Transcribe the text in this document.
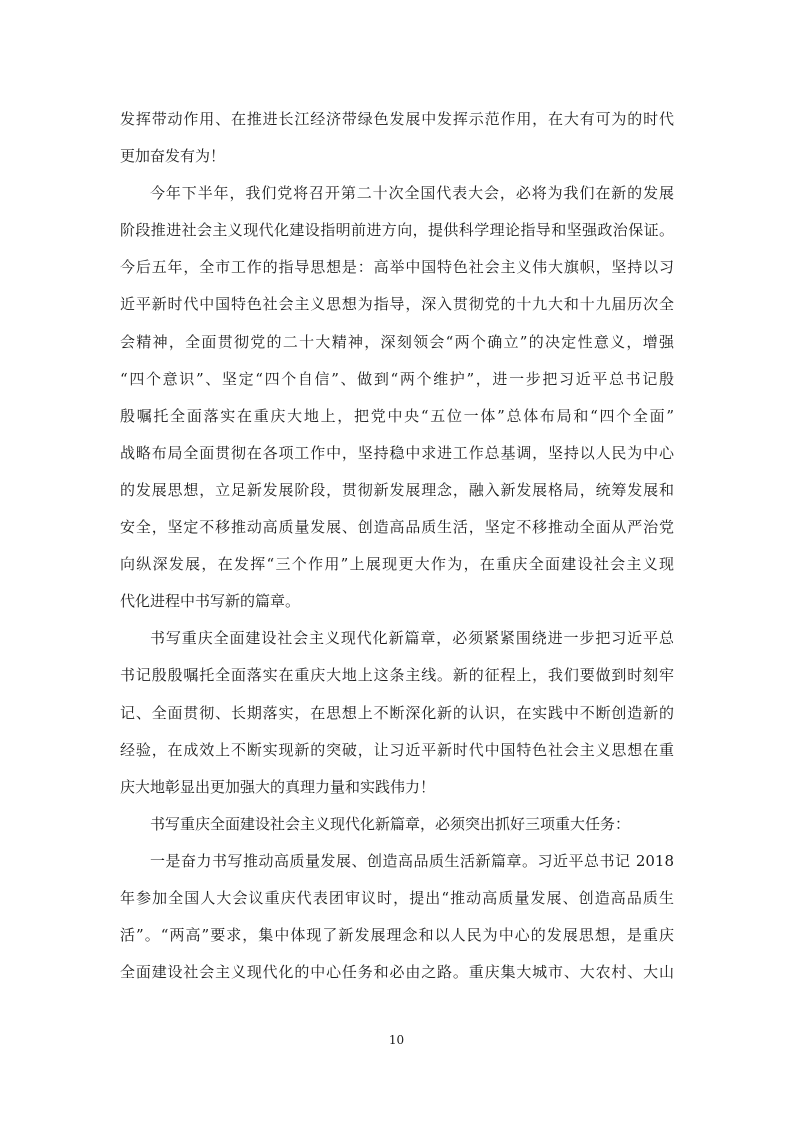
发挥带动作用、在推进长江经济带绿色发展中发挥示范作用，在大有可为的时代
更加奋发有为！
今年下半年，我们党将召开第二十次全国代表大会，必将为我们在新的发展
阶段推进社会主义现代化建设指明前进方向，提供科学理论指导和坚强政治保证。
今后五年，全市工作的指导思想是：高举中国特色社会主义伟大旗帜，坚持以习
近平新时代中国特色社会主义思想为指导，深入贯彻党的十九大和十九届历次全
会精神，全面贯彻党的二十大精神，深刻领会“两个确立”的决定性意义，增强
“四个意识”、坚定“四个自信”、做到“两个维护”，进一步把习近平总书记殷
殷嘱托全面落实在重庆大地上，把党中央“五位一体”总体布局和“四个全面”
战略布局全面贯彻在各项工作中，坚持稳中求进工作总基调，坚持以人民为中心
的发展思想，立足新发展阶段，贯彻新发展理念，融入新发展格局，统筹发展和
安全，坚定不移推动高质量发展、创造高品质生活，坚定不移推动全面从严治党
向纵深发展，在发挥“三个作用”上展现更大作为，在重庆全面建设社会主义现
代化进程中书写新的篇章。
书写重庆全面建设社会主义现代化新篇章，必须紧紧围绕进一步把习近平总
书记殷殷嘱托全面落实在重庆大地上这条主线。新的征程上，我们要做到时刻牢
记、全面贯彻、长期落实，在思想上不断深化新的认识，在实践中不断创造新的
经验，在成效上不断实现新的突破，让习近平新时代中国特色社会主义思想在重
庆大地彰显出更加强大的真理力量和实践伟力！
书写重庆全面建设社会主义现代化新篇章，必须突出抓好三项重大任务：
一是奋力书写推动高质量发展、创造高品质生活新篇章。习近平总书记 2018
年参加全国人大会议重庆代表团审议时，提出“推动高质量发展、创造高品质生
活”。“两高”要求，集中体现了新发展理念和以人民为中心的发展思想，是重庆
全面建设社会主义现代化的中心任务和必由之路。重庆集大城市、大农村、大山
10
